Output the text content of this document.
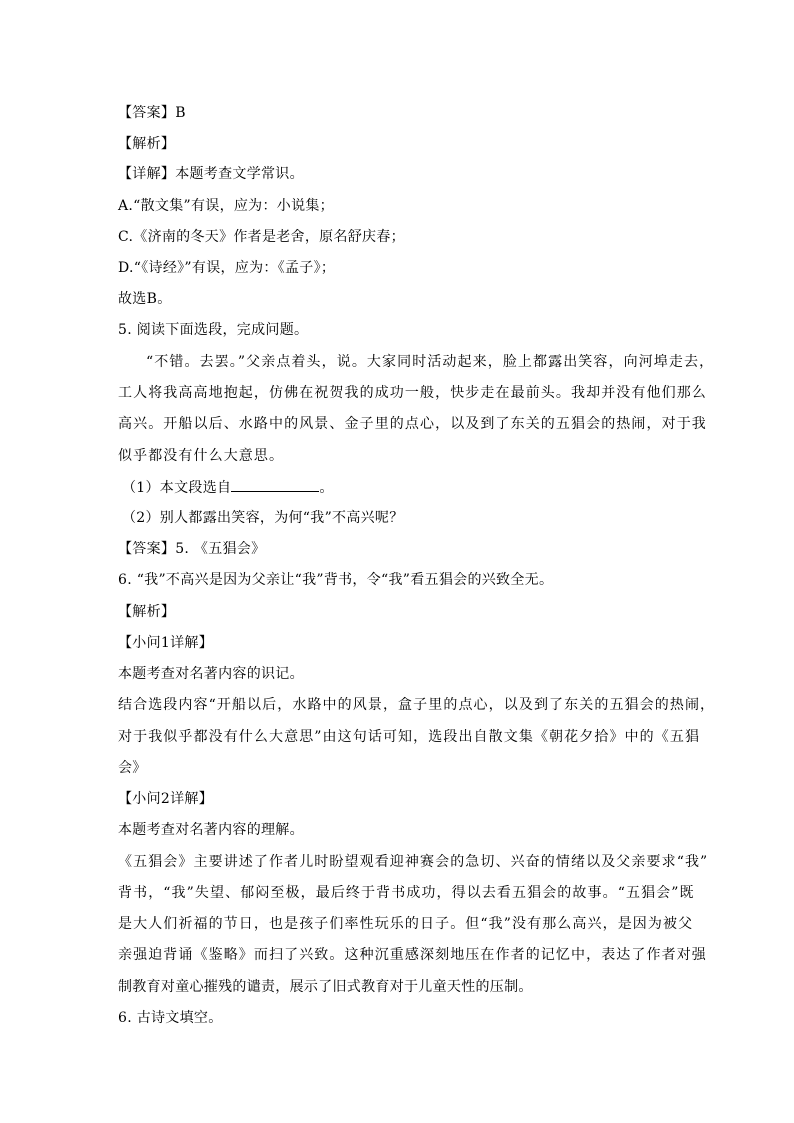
【答案】B
【解析】
【详解】本题考查文学常识。
A.“散文集”有误，应为：小说集；
C.《济南的冬天》作者是老舍，原名舒庆春；
D.“《诗经》”有误，应为：《孟子》；
故选B。
5. 阅读下面选段，完成问题。
“不错。去罢。”父亲点着头，说。大家同时活动起来，脸上都露出笑容，向河埠走去，
工人将我高高地抱起，仿佛在祝贺我的成功一般，快步走在最前头。我却并没有他们那么
高兴。开船以后、水路中的风景、金子里的点心，以及到了东关的五猖会的热闹，对于我
似乎都没有什么大意思。
（1）本文段选自	。
（2）别人都露出笑容，为何“我”不高兴呢？
【答案】5. 《五猖会》
6. “我”不高兴是因为父亲让“我”背书，令“我”看五猖会的兴致全无。
【解析】
【小问1详解】
本题考查对名著内容的识记。
结合选段内容“开船以后，水路中的风景，盒子里的点心，以及到了东关的五猖会的热闹，
对于我似乎都没有什么大意思”由这句话可知，选段出自散文集《朝花夕拾》中的《五猖
会》
【小问2详解】
本题考查对名著内容的理解。
《五猖会》主要讲述了作者儿时盼望观看迎神赛会的急切、兴奋的情绪以及父亲要求“我”
背书，“我”失望、郁闷至极，最后终于背书成功，得以去看五猖会的故事。“五猖会”既
是大人们祈福的节日，也是孩子们率性玩乐的日子。但“我”没有那么高兴，是因为被父
亲强迫背诵《鉴略》而扫了兴致。这种沉重感深刻地压在作者的记忆中，表达了作者对强
制教育对童心摧残的谴责，展示了旧式教育对于儿童天性的压制。
6. 古诗文填空。
